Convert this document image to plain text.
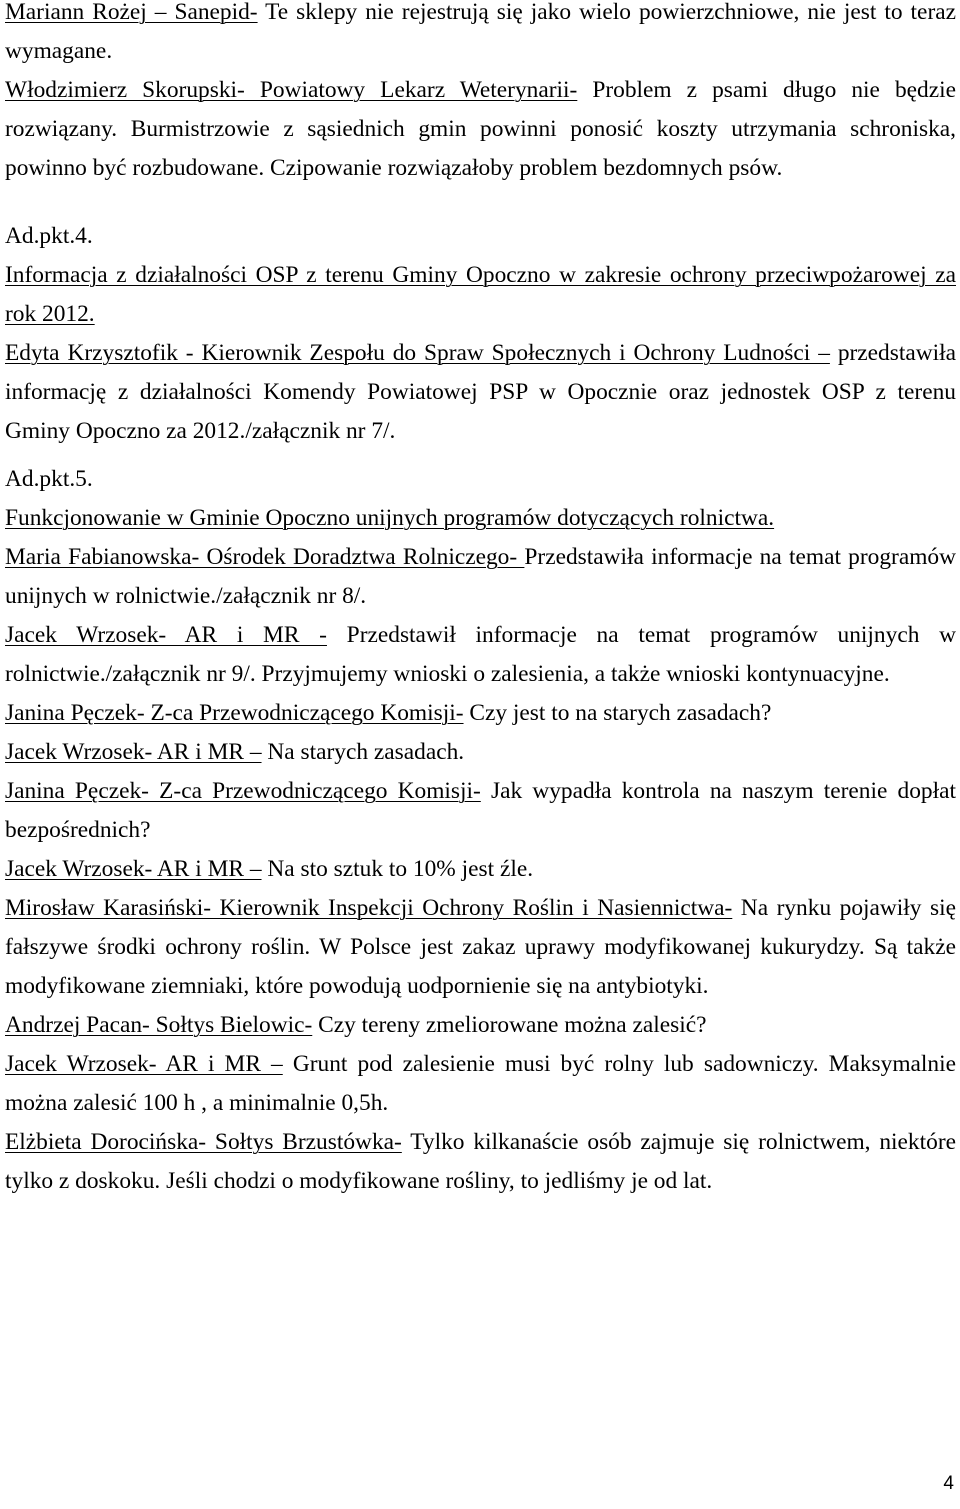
Mariann Rożej – Sanepid- Te sklepy nie rejestrują się jako wielo powierzchniowe, nie jest to teraz wymagane.

Włodzimierz Skorupski- Powiatowy Lekarz Weterynarii- Problem z psami długo nie będzie rozwiązany. Burmistrzowie z sąsiednich gmin powinni ponosić koszty utrzymania schroniska, powinno być rozbudowane. Czipowanie rozwiązałoby problem bezdomnych psów.

Ad.pkt.4.

Informacja z działalności OSP z terenu Gminy Opoczno w zakresie ochrony przeciwpożarowej za rok 2012.

Edyta Krzysztofik - Kierownik Zespołu do Spraw Społecznych i Ochrony Ludności – przedstawiła informację z działalności Komendy Powiatowej PSP w Opocznie oraz jednostek OSP z terenu Gminy Opoczno za 2012./załącznik nr 7/.

Ad.pkt.5.

Funkcjonowanie w Gminie Opoczno unijnych programów dotyczących rolnictwa.

Maria Fabianowska- Ośrodek Doradztwa Rolniczego- Przedstawiła informacje na temat programów unijnych w rolnictwie./załącznik nr 8/.

Jacek Wrzosek- AR i MR - Przedstawił informacje na temat programów unijnych w rolnictwie./załącznik nr 9/. Przyjmujemy wnioski o zalesienia, a także wnioski kontynuacyjne.

Janina Pęczek- Z-ca Przewodniczącego Komisji- Czy jest to na starych zasadach?

Jacek Wrzosek- AR i MR – Na starych zasadach.

Janina Pęczek- Z-ca Przewodniczącego Komisji- Jak wypadła kontrola na naszym terenie dopłat bezpośrednich?

Jacek Wrzosek- AR i MR – Na sto sztuk to 10% jest źle.

Mirosław Karasiński- Kierownik Inspekcji Ochrony Roślin i Nasiennictwa- Na rynku pojawiły się fałszywe środki ochrony roślin. W Polsce jest zakaz uprawy modyfikowanej kukurydzy. Są także modyfikowane ziemniaki, które powodują uodpornienie się na antybiotyki.

Andrzej Pacan- Sołtys Bielowic- Czy tereny zmeliorowane można zalesić?

Jacek Wrzosek- AR i MR – Grunt pod zalesienie musi być rolny lub sadowniczy. Maksymalnie można zalesić 100 h , a minimalnie 0,5h.

Elżbieta Dorocińska- Sołtys Brzustówka- Tylko kilkanaście osób zajmuje się rolnictwem, niektóre tylko z doskoku. Jeśli chodzi o modyfikowane rośliny, to jedliśmy je od lat.

4
